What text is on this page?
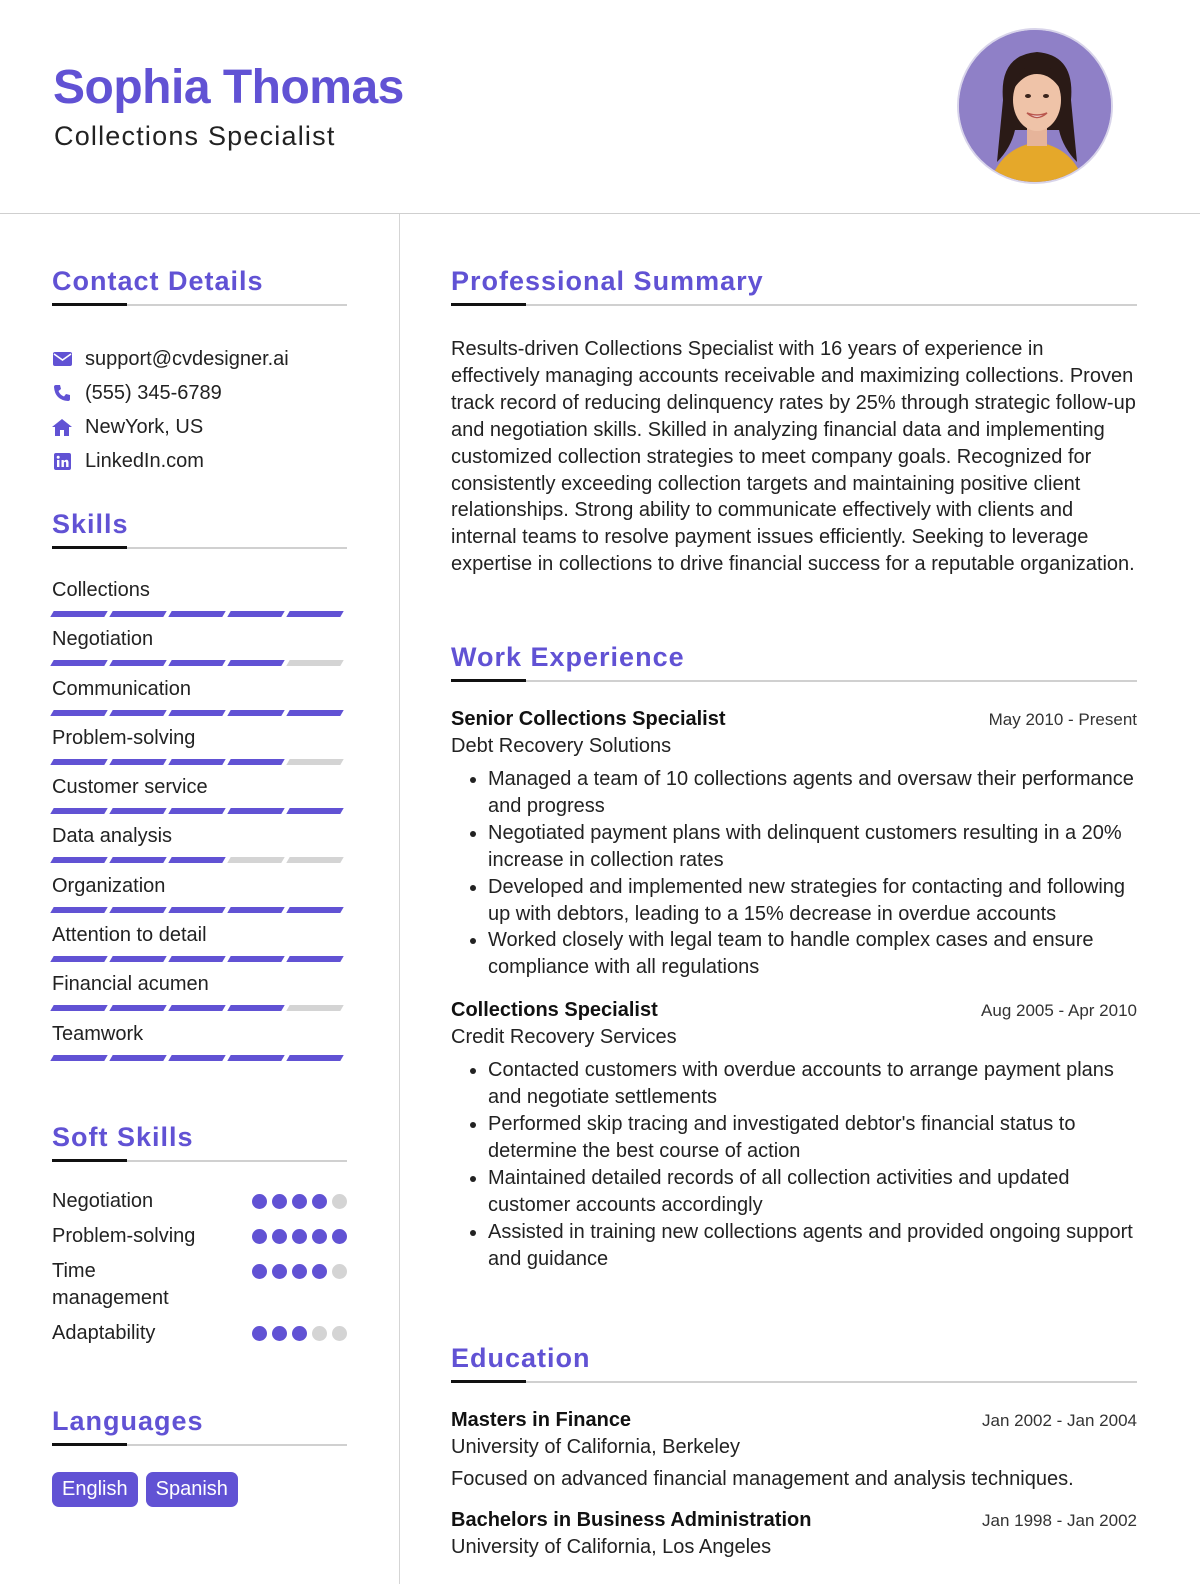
Sophia Thomas
Collections Specialist
Contact Details
support@cvdesigner.ai
(555) 345-6789
NewYork, US
LinkedIn.com
Skills
Collections
Negotiation
Communication
Problem-solving
Customer service
Data analysis
Organization
Attention to detail
Financial acumen
Teamwork
Soft Skills
Negotiation
Problem-solving
Time management
Adaptability
Languages
English	Spanish
Professional Summary
Results-driven Collections Specialist with 16 years of experience in effectively managing accounts receivable and maximizing collections. Proven track record of reducing delinquency rates by 25% through strategic follow-up and negotiation skills. Skilled in analyzing financial data and implementing customized collection strategies to meet company goals. Recognized for consistently exceeding collection targets and maintaining positive client relationships. Strong ability to communicate effectively with clients and internal teams to resolve payment issues efficiently. Seeking to leverage expertise in collections to drive financial success for a reputable organization.
Work Experience
Senior Collections Specialist	May 2010 - Present
Debt Recovery Solutions
• Managed a team of 10 collections agents and oversaw their performance and progress
• Negotiated payment plans with delinquent customers resulting in a 20% increase in collection rates
• Developed and implemented new strategies for contacting and following up with debtors, leading to a 15% decrease in overdue accounts
• Worked closely with legal team to handle complex cases and ensure compliance with all regulations
Collections Specialist	Aug 2005 - Apr 2010
Credit Recovery Services
• Contacted customers with overdue accounts to arrange payment plans and negotiate settlements
• Performed skip tracing and investigated debtor's financial status to determine the best course of action
• Maintained detailed records of all collection activities and updated customer accounts accordingly
• Assisted in training new collections agents and provided ongoing support and guidance
Education
Masters in Finance	Jan 2002 - Jan 2004
University of California, Berkeley
Focused on advanced financial management and analysis techniques.
Bachelors in Business Administration	Jan 1998 - Jan 2002
University of California, Los Angeles
